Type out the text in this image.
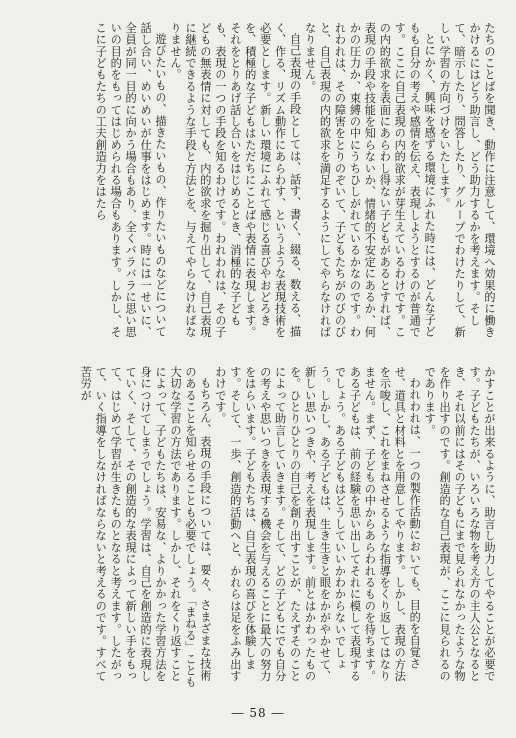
たちのことばを聞き、動作に注意して、環境へ効果的に働きかけるにはどう助言し、どう助力するかを考えます。そして、暗示したり、問答したり、グループでわけたりして、新しい学習の方向づけをいたします。

とにかく、興味を感ずる環境にふれた時には、どんな子どもも自分の考えや感情を伝え、表現しようとするのが普通です。ここに自己表現の内的欲求が芽生えているわけです。この内的欲求を表面にあらわし得ない子どもがあるとすれば、表現の手段や技能を知らないか、情緒的不安定にあるか、何かの圧力か、束縛の中にうちひしがれているかなのです。われわれは、その障害をとりのぞいて、子どもたちがのびのびと、自己表現の内的欲求を満足するようにしてやらなければなりません。

自己表現の手段としては、話す、書く、綴る、数える、描く、作る、リズム動作にあらわす、というような表現技術を必要とします。新しい環境にふれて感じる喜びやおどろきを、積極的な子どもはただちにことばや表情に表現します。それをとりあげ話し合いをはじめるとき、消極的な子どもも、表現の一つの手段を知るわけです。われわれは、その子どもの無表情に対しても、内的欲求を掘り出して、自己表現に継続できるような手段と方法とを、与えてやらなければなりません。

遊びたいもの、描きたいもの、作りたいものなどについて話し合い、めいめいが仕事をはじめます。時には一せいに、全員が同一目的に向かう場合もあり、全くバラバラに思い思いの目的をもってはじめられる場合もあります。しかし、そこに子どもたちの工夫創造力をはたら

かすことが出来るように、助言し助力してやることが必要です。子どもたちが、いろいろな物を考え方の主人公となるとき、それ以前にはその子どもにまで見られなかったような物を作り出すのです。創造的な自己表現が、ここに見られるのであります。

われわれは、一つの製作活動においても、目的を自覚させ、道具と材料とを用意してやります。しかし、表現の方法を示唆し、これをまねさせるような指導をくり返してはなりません。まず、子どもの中からあらわれるものを待ちます。ある子どもは、前の経験を思い出してそれに模して表現するでしょう。ある子どもはどうしていいかわからないでしょう。しかし、ある子どもは、生き生きと眼をかがやかせて、新しい思いつきや、考えを表現します。前とはかわったものを。ひとりひとりの自己を創り出すことが、たえずそのことによって助言していきます。そして、どの子どもにでも自分の考えや思いつきを表現する機会を与えることに最大の努力をはらいます。子どもたちは、自己表現の喜びを体験します。そして、一歩、創造的活動へと、かれらは足をふみ出すわけです。

もちろん、表現の手段については、要々、さまざまな技術のあることを知らせることも必要でしょう。「まねる」ことも大切な学習の方法であります。しかし、それをくり返すことによって、子どもたちは、安易な、よりかかった学習方法を身につけてしまうでしょう。学習は、自己を創造的に表現していく、そして、その創造的な表現によって新しい手をもって、はじめて学習が生きたものとなると考えます。したがって、いく指導をしなければならないと考えるのです。すべて苦労が

― 58 ―
